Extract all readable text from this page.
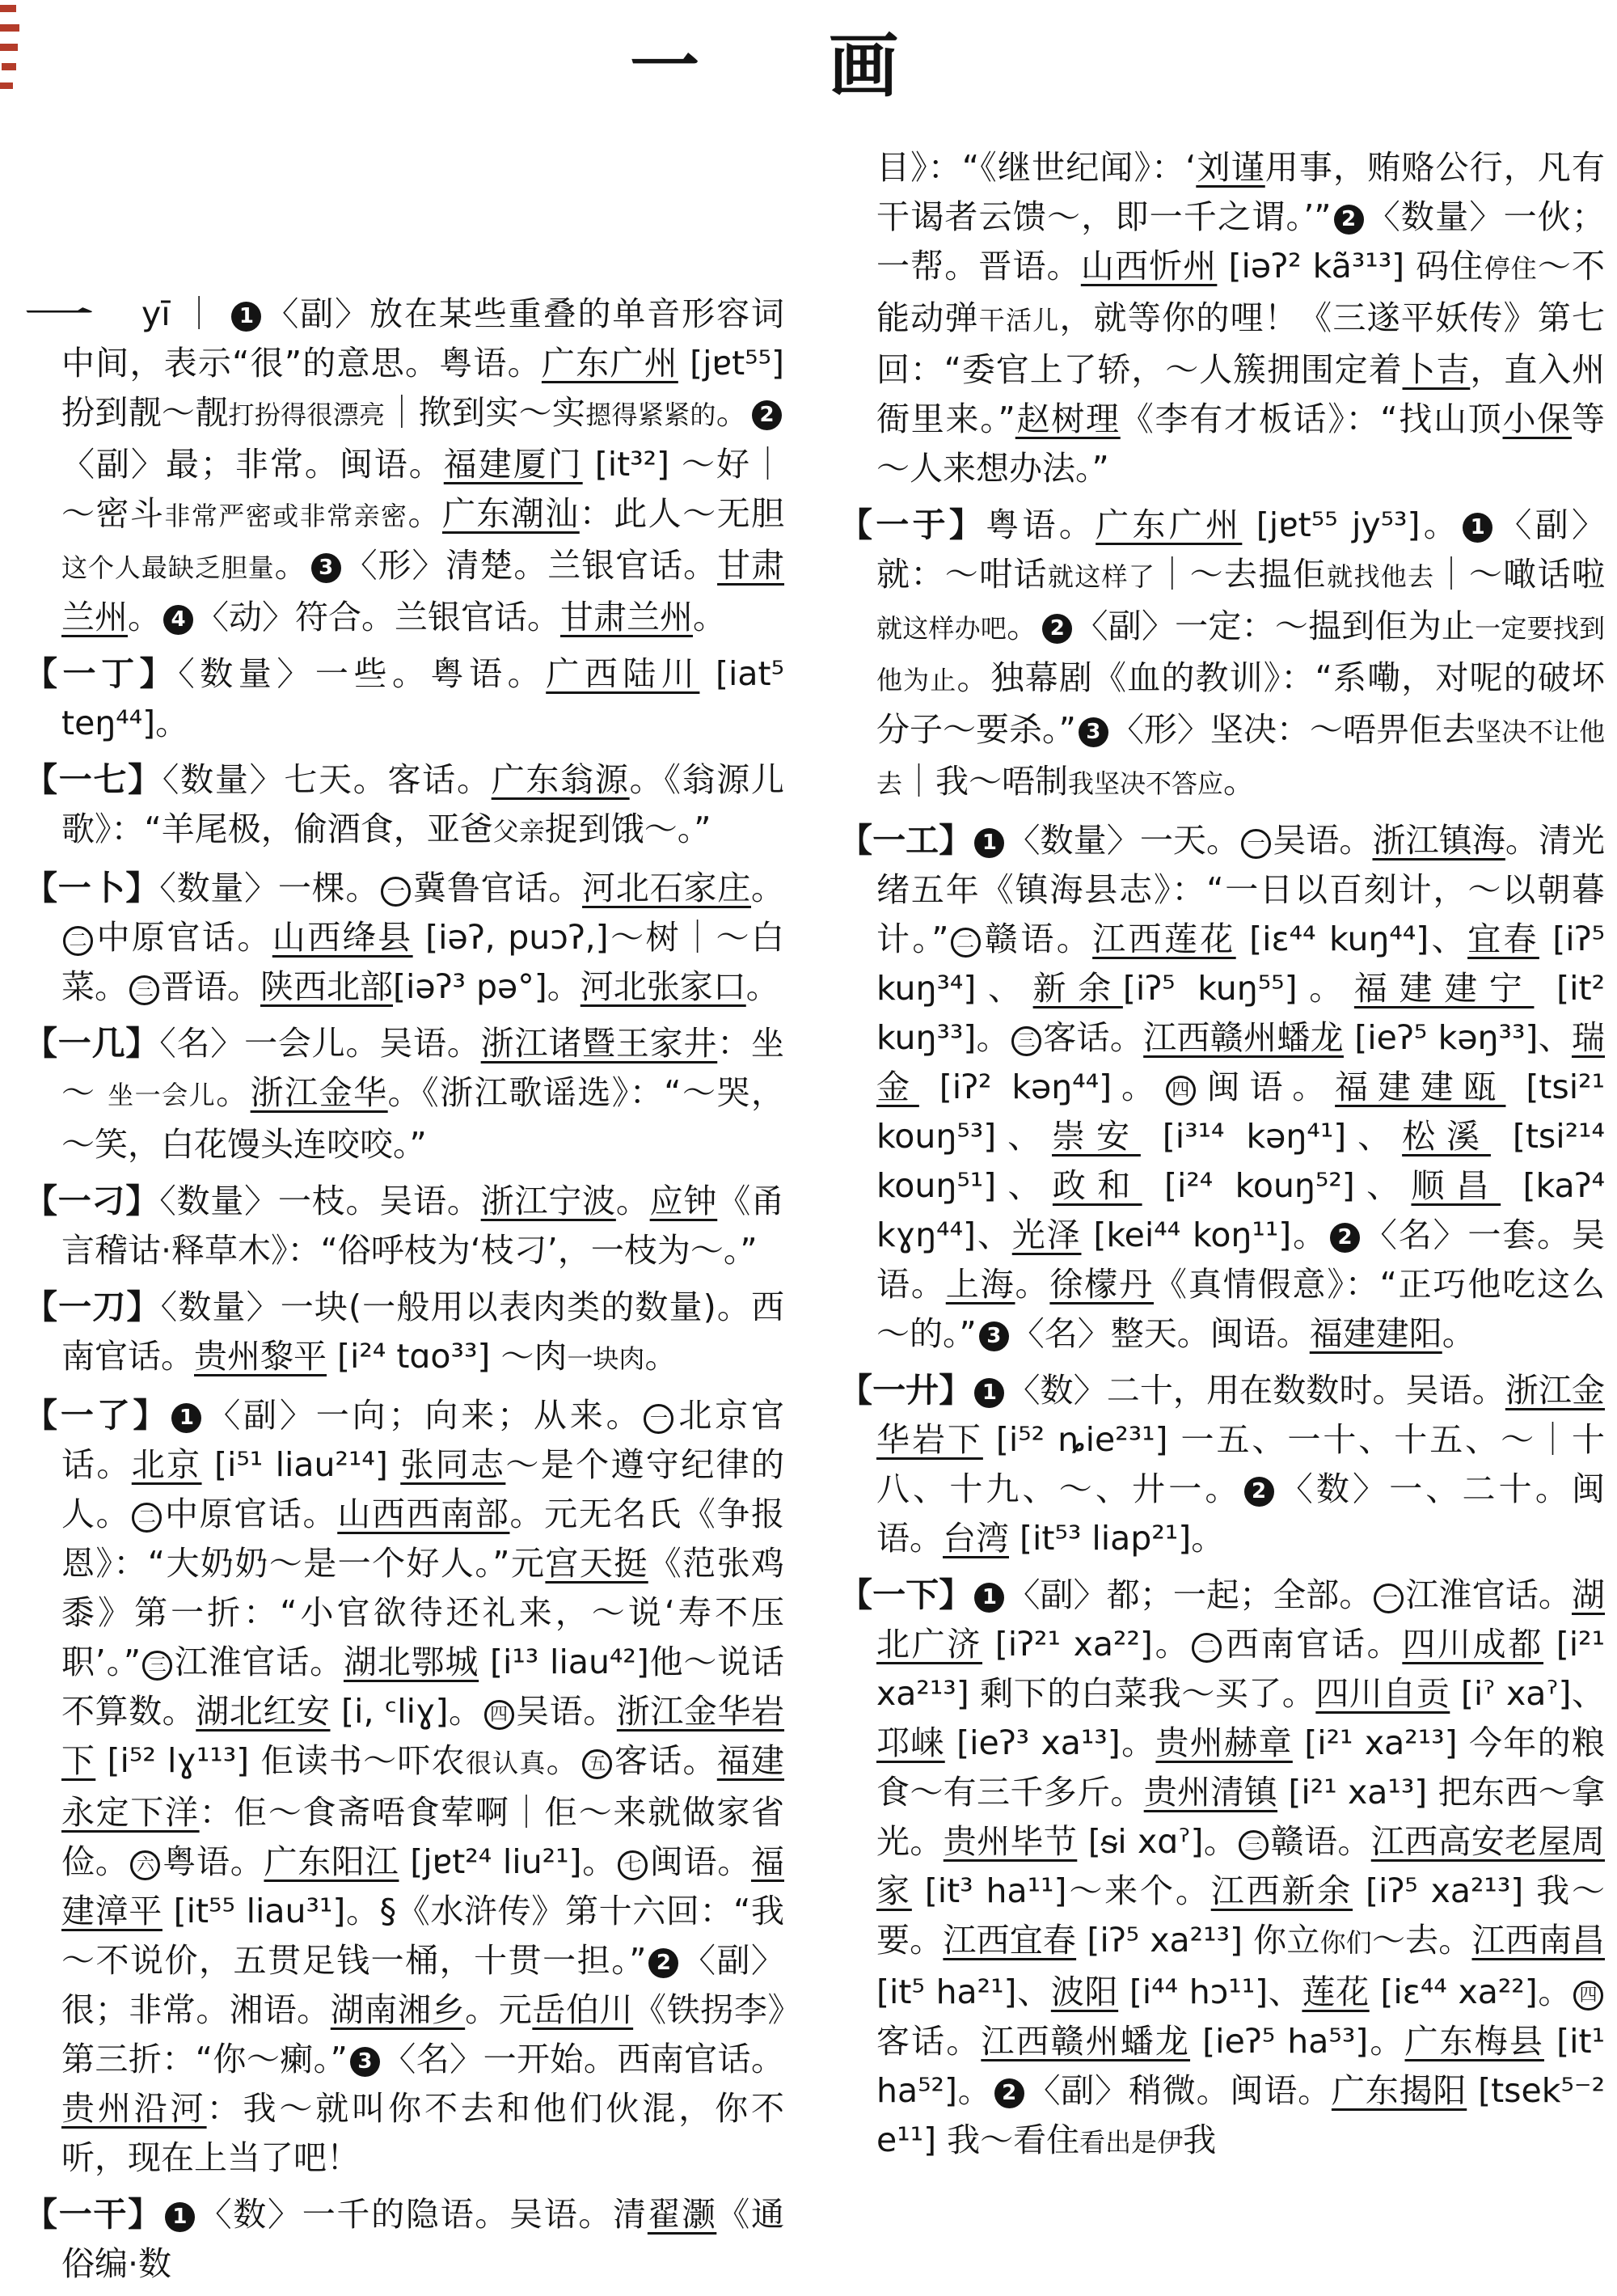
一 画
一 yī ｜ 1 〈副〉放在某些重叠的单音形容词中间，表示“很”的意思。粤语。广东广州 [jɐt⁵⁵] 扮到靓～靓打扮得很漂亮｜揿到实～实摁得紧紧的。 2〈副〉最；非常。闽语。福建厦门 [it³²] ～好｜～密斗非常严密或非常亲密。广东潮汕：此人～无胆这个人最缺乏胆量。 3 〈形〉清楚。兰银官话。甘肃兰州。 4 〈动〉符合。兰银官话。甘肃兰州。
【一丁】〈数量〉一些。粤语。广西陆川 [iat⁵ teŋ⁴⁴]。
【一七】〈数量〉七天。客话。广东翁源。《翁源儿歌》：“羊尾极，偷酒食，亚爸父亲捉到饿～。”
【一卜】〈数量〉一棵。 一 冀鲁官话。河北石家庄。二 中原官话。山西绛县 [iəʔ, puɔʔ,]～树｜～白菜。 三 晋语。陕西北部[iəʔ³ pə°]。河北张家口。
【一几】〈名〉一会儿。吴语。浙江诸暨王家井：坐～ 坐一会儿。浙江金华。《浙江歌谣选》：“～哭，～笑，白花馒头连咬咬。”
【一刁】〈数量〉一枝。吴语。浙江宁波。应钟《甬言稽诂·释草木》：“俗呼枝为‘枝刁’，一枝为～。”
【一刀】〈数量〉一块(一般用以表肉类的数量)。西南官话。贵州黎平 [i²⁴ tɑo³³] ～肉一块肉。
【一了】 1 〈副〉一向；向来；从来。 一 北京官话。北京 [i⁵¹ liau²¹⁴] 张同志～是个遵守纪律的人。 二 中原官话。山西西南部。元无名氏《争报恩》：“大奶奶～是一个好人。”元宫天挺《范张鸡黍》第一折：“小官欲待还礼来，～说‘寿不压职’。” 三 江淮官话。湖北鄂城 [i¹³ liau⁴²]他～说话不算数。湖北红安 [i, ᶜliɣ]。 四 吴语。浙江金华岩下 [i⁵² lɣ¹¹³] 佢读书～吓农很认真。 五 客话。福建永定下洋：佢～食斋唔食荤啊｜佢～来就做家省俭。 六 粤语。广东阳江 [jɐt²⁴ liu²¹]。 七 闽语。福建漳平 [it⁵⁵ liau³¹]。§《水浒传》第十六回：“我～不说价，五贯足钱一桶，十贯一担。” 2 〈副〉很；非常。湘语。湖南湘乡。元岳伯川《铁拐李》第三折：“你～瘌。” 3 〈名〉一开始。西南官话。贵州沿河：我～就叫你不去和他们伙混，你不听，现在上当了吧！
【一干】 1 〈数〉一千的隐语。吴语。清翟灏《通俗编·数
目》：“《继世纪闻》：‘刘谨用事，贿赂公行，凡有干谒者云馈～，即一千之谓。’” 2 〈数量〉一伙；一帮。晋语。山西忻州 [iəʔ² kã³¹³] 码住停住～不能动弹干活儿，就等你的哩！《三遂平妖传》第七回：“委官上了轿，～人簇拥围定着卜吉，直入州衙里来。”赵树理《李有才板话》：“找山顶小保等～人来想办法。”
【一于】粤语。广东广州 [jɐt⁵⁵ jy⁵³]。 1 〈副〉 就：～咁话就这样了｜～去揾佢就找他去｜～噉话啦就这样办吧。 2 〈副〉一定：～揾到佢为止一定要找到他为止。独幕剧《血的教训》：“系嘞，对呢的破坏分子～要杀。” 3 〈形〉坚决：～唔畀佢去坚决不让他去｜我～唔制我坚决不答应。
【一工】 1 〈数量〉一天。 一 吴语。浙江镇海。清光绪五年《镇海县志》：“一日以百刻计，～以朝暮计。” 二 赣语。江西莲花 [iɛ⁴⁴ kuŋ⁴⁴]、宜春 [iʔ⁵ kuŋ³⁴]、新余[iʔ⁵ kuŋ⁵⁵]。福建建宁 [it² kuŋ³³]。 三 客话。江西赣州蟠龙 [ieʔ⁵ kəŋ³³]、瑞金 [iʔ² kəŋ⁴⁴]。 四 闽语。福建建瓯 [tsi²¹ kouŋ⁵³]、崇安 [i³¹⁴ kəŋ⁴¹]、松溪 [tsi²¹⁴ kouŋ⁵¹]、政和 [i²⁴ kouŋ⁵²]、顺昌 [kaʔ⁴ kɣŋ⁴⁴]、光泽 [kei⁴⁴ koŋ¹¹]。 2 〈名〉一套。吴语。上海。徐檬丹《真情假意》：“正巧他吃这么～的。” 3 〈名〉整天。闽语。福建建阳。
【一廾】 1 〈数〉二十，用在数数时。吴语。浙江金华岩下 [i⁵² ȵie²³¹] 一五、一十、十五、～｜十八、十九、～、廾一。 2 〈数〉一、二十。闽语。台湾 [it⁵³ liap²¹]。
【一下】 1 〈副〉都；一起；全部。 一 江淮官话。湖北广济 [iʔ²¹ xa²²]。 二 西南官话。四川成都 [i²¹ xa²¹³] 剩下的白菜我～买了。四川自贡 [iˀ xaˀ]、邛崃 [ieʔ³ xa¹³]。贵州赫章 [i²¹ xa²¹³] 今年的粮食～有三千多斤。贵州清镇 [i²¹ xa¹³] 把东西～拿光。贵州毕节 [ᵴi xɑˀ]。 三 赣语。江西高安老屋周家 [it³ ha¹¹]～来个。江西新余 [iʔ⁵ xa²¹³] 我～要。江西宜春 [iʔ⁵ xa²¹³] 你立你们～去。江西南昌 [it⁵ ha²¹]、波阳 [i⁴⁴ hɔ¹¹]、莲花 [iɛ⁴⁴ xa²²]。 四客话。江西赣州蟠龙 [ieʔ⁵ ha⁵³]。广东梅县 [it¹ ha⁵²]。 2 〈副〉稍微。闽语。广东揭阳 [tsek⁵⁻² e¹¹] 我～看住看出是伊我
